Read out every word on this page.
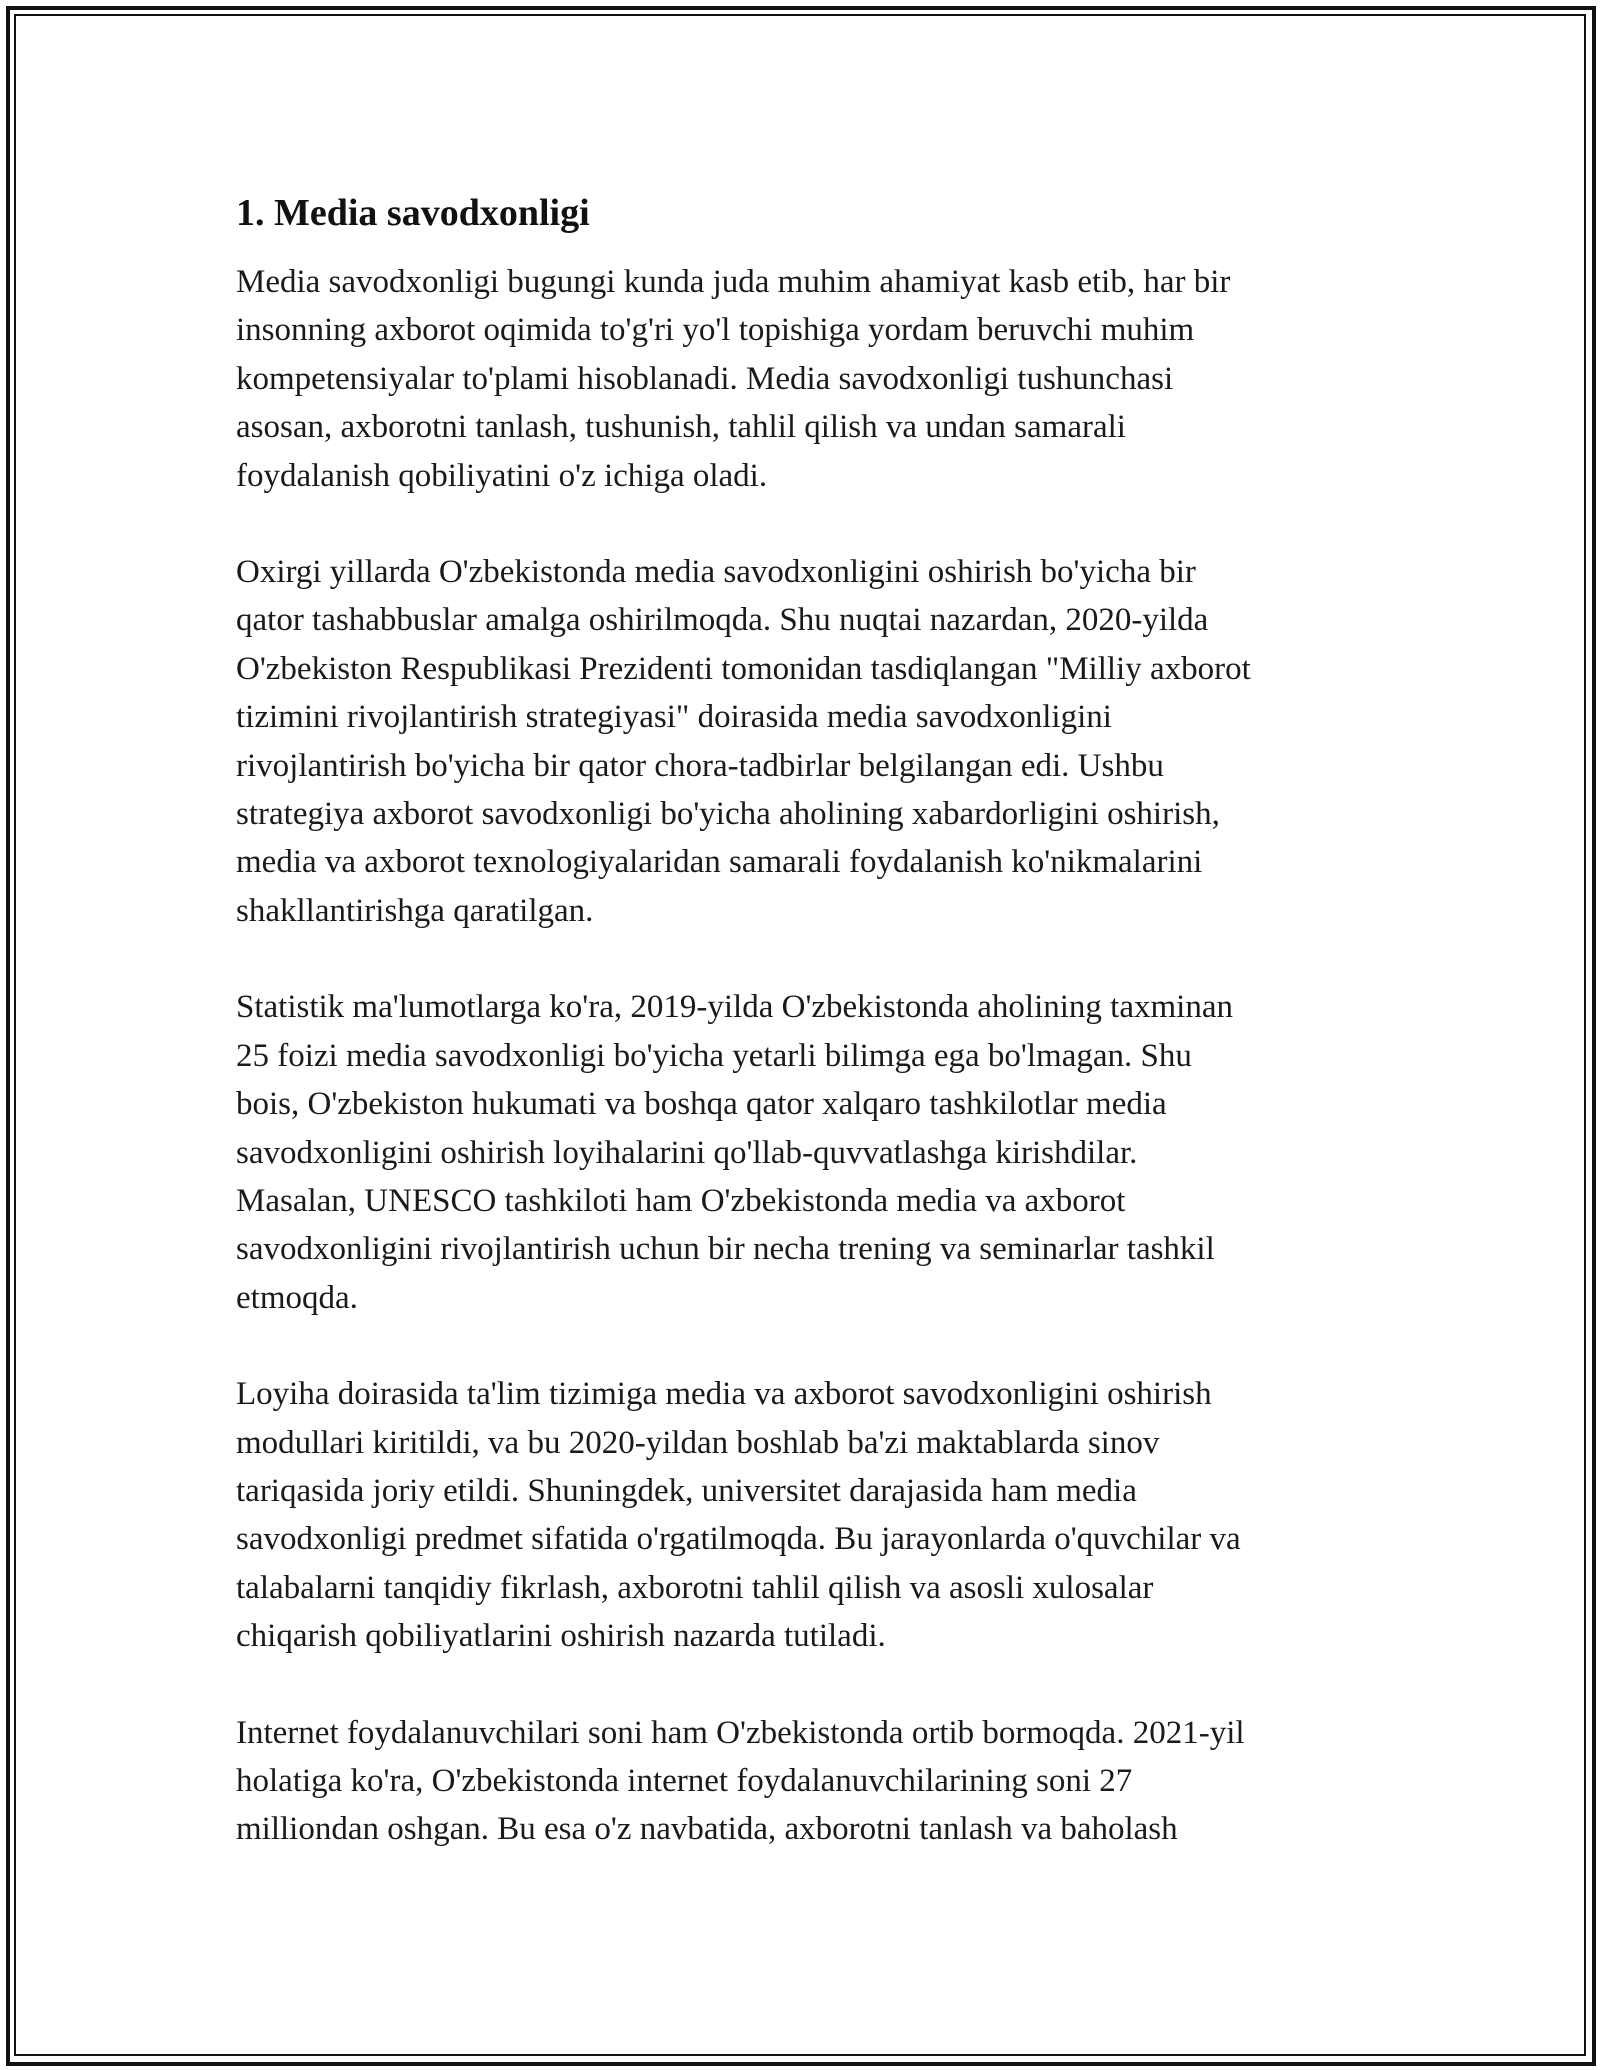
1. Media savodxonligi

Media savodxonligi bugungi kunda juda muhim ahamiyat kasb etib, har bir
insonning axborot oqimida to'g'ri yo'l topishiga yordam beruvchi muhim
kompetensiyalar to'plami hisoblanadi. Media savodxonligi tushunchasi
asosan, axborotni tanlash, tushunish, tahlil qilish va undan samarali
foydalanish qobiliyatini o'z ichiga oladi.

Oxirgi yillarda O'zbekistonda media savodxonligini oshirish bo'yicha bir
qator tashabbuslar amalga oshirilmoqda. Shu nuqtai nazardan, 2020-yilda
O'zbekiston Respublikasi Prezidenti tomonidan tasdiqlangan "Milliy axborot
tizimini rivojlantirish strategiyasi" doirasida media savodxonligini
rivojlantirish bo'yicha bir qator chora-tadbirlar belgilangan edi. Ushbu
strategiya axborot savodxonligi bo'yicha aholining xabardorligini oshirish,
media va axborot texnologiyalaridan samarali foydalanish ko'nikmalarini
shakllantirishga qaratilgan.

Statistik ma'lumotlarga ko'ra, 2019-yilda O'zbekistonda aholining taxminan
25 foizi media savodxonligi bo'yicha yetarli bilimga ega bo'lmagan. Shu
bois, O'zbekiston hukumati va boshqa qator xalqaro tashkilotlar media
savodxonligini oshirish loyihalarini qo'llab-quvvatlashga kirishdilar.
Masalan, UNESCO tashkiloti ham O'zbekistonda media va axborot
savodxonligini rivojlantirish uchun bir necha trening va seminarlar tashkil
etmoqda.

Loyiha doirasida ta'lim tizimiga media va axborot savodxonligini oshirish
modullari kiritildi, va bu 2020-yildan boshlab ba'zi maktablarda sinov
tariqasida joriy etildi. Shuningdek, universitet darajasida ham media
savodxonligi predmet sifatida o'rgatilmoqda. Bu jarayonlarda o'quvchilar va
talabalarni tanqidiy fikrlash, axborotni tahlil qilish va asosli xulosalar
chiqarish qobiliyatlarini oshirish nazarda tutiladi.

Internet foydalanuvchilari soni ham O'zbekistonda ortib bormoqda. 2021-yil
holatiga ko'ra, O'zbekistonda internet foydalanuvchilarining soni 27
milliondan oshgan. Bu esa o'z navbatida, axborotni tanlash va baholash
